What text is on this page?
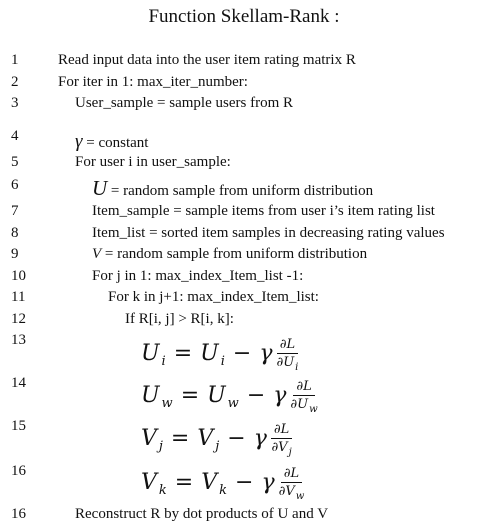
Function Skellam-Rank :
1
2
3
4
5
6
7
8
9
10
11
12
13
14
15
16
16
Read input data into the user item rating matrix R
For iter in 1: max_iter_number:
User_sample = sample users from R
γ = constant
For user i in user_sample:
U = random sample from uniform distribution
Item_sample = sample items from user i’s item rating list
Item_list = sorted item samples in decreasing rating values
V = random sample from uniform distribution
For j in 1: max_index_Item_list -1:
For k in j+1: max_index_Item_list:
If R[i, j] > R[i, k]:
U i = U i − γ $\frac{\partial L}{\partial U_i}$
U w = U w − γ $\frac{\partial L}{\partial U_w}$
V j = V j − γ $\frac{\partial L}{\partial V_j}$
V k = V k − γ $\frac{\partial L}{\partial V_w}$
Reconstruct R by dot products of U and V
